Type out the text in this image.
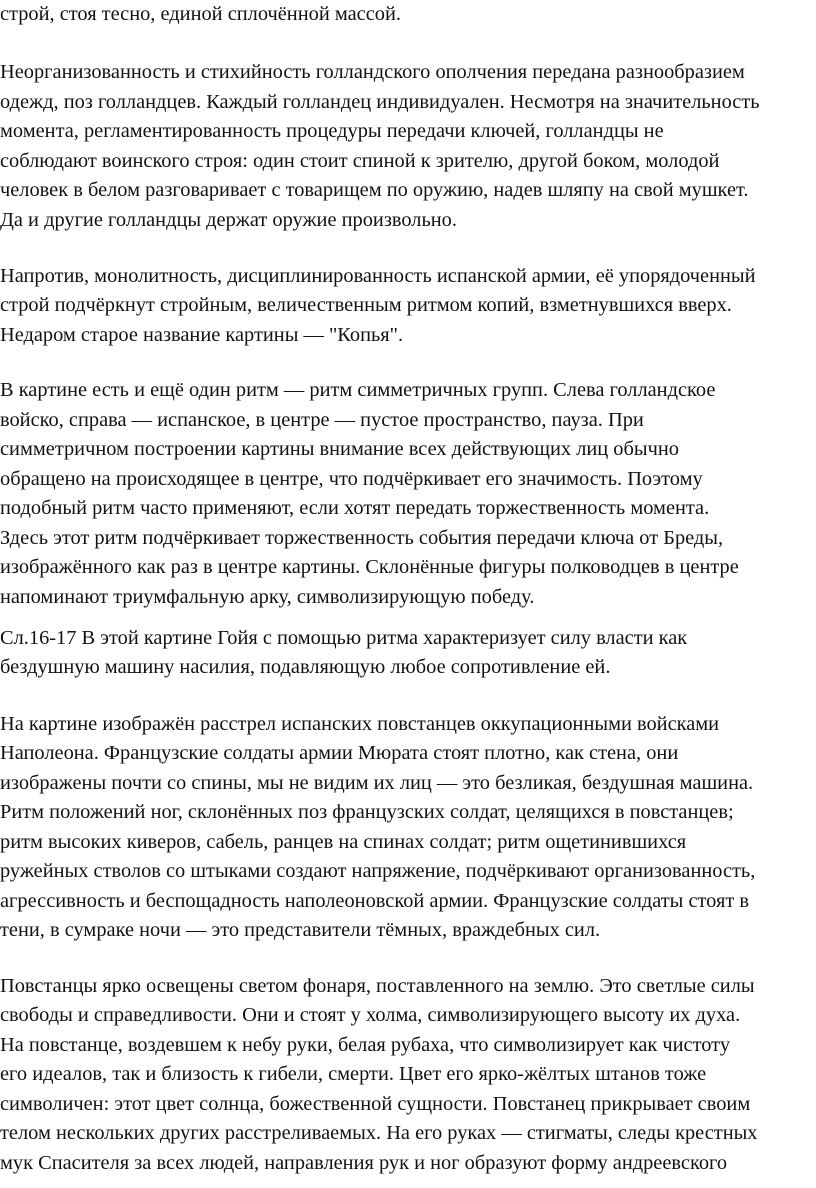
строй, стоя тесно, единой сплочённой массой.
Неорганизованность и стихийность голландского ополчения передана разнообразием
одежд, поз голландцев. Каждый голландец индивидуален. Несмотря на значительность
момента, регламентированность процедуры передачи ключей, голландцы не
соблюдают воинского строя: один стоит спиной к зрителю, другой боком, молодой
человек в белом разговаривает с товарищем по оружию, надев шляпу на свой мушкет.
Да и другие голландцы держат оружие произвольно.
Напротив, монолитность, дисциплинированность испанской армии, её упорядоченный
строй подчёркнут стройным, величественным ритмом копий, взметнувшихся вверх.
Недаром старое название картины — "Копья".
В картине есть и ещё один ритм — ритм симметричных групп. Слева голландское
войско, справа — испанское, в центре — пустое пространство, пауза. При
симметричном построении картины внимание всех действующих лиц обычно
обращено на происходящее в центре, что подчёркивает его значимость. Поэтому
подобный ритм часто применяют, если хотят передать торжественность момента.
Здесь этот ритм подчёркивает торжественность события передачи ключа от Бреды,
изображённого как раз в центре картины. Склонённые фигуры полководцев в центре
напоминают триумфальную арку, символизирующую победу.
Сл.16-17 В этой картине Гойя с помощью ритма характеризует силу власти как
бездушную машину насилия, подавляющую любое сопротивление ей.
На картине изображён расстрел испанских повстанцев оккупационными войсками
Наполеона. Французские солдаты армии Мюрата стоят плотно, как стена, они
изображены почти со спины, мы не видим их лиц — это безликая, бездушная машина.
Ритм положений ног, склонённых поз французских солдат, целящихся в повстанцев;
ритм высоких киверов, сабель, ранцев на спинах солдат; ритм ощетинившихся
ружейных стволов со штыками создают напряжение, подчёркивают организованность,
агрессивность и беспощадность наполеоновской армии. Французские солдаты стоят в
тени, в сумраке ночи — это представители тёмных, враждебных сил.
Повстанцы ярко освещены светом фонаря, поставленного на землю. Это светлые силы
свободы и справедливости. Они и стоят у холма, символизирующего высоту их духа.
На повстанце, воздевшем к небу руки, белая рубаха, что символизирует как чистоту
его идеалов, так и близость к гибели, смерти. Цвет его ярко-жёлтых штанов тоже
символичен: этот цвет солнца, божественной сущности. Повстанец прикрывает своим
телом нескольких других расстреливаемых. На его руках — стигматы, следы крестных
мук Спасителя за всех людей, направления рук и ног образуют форму андреевского
